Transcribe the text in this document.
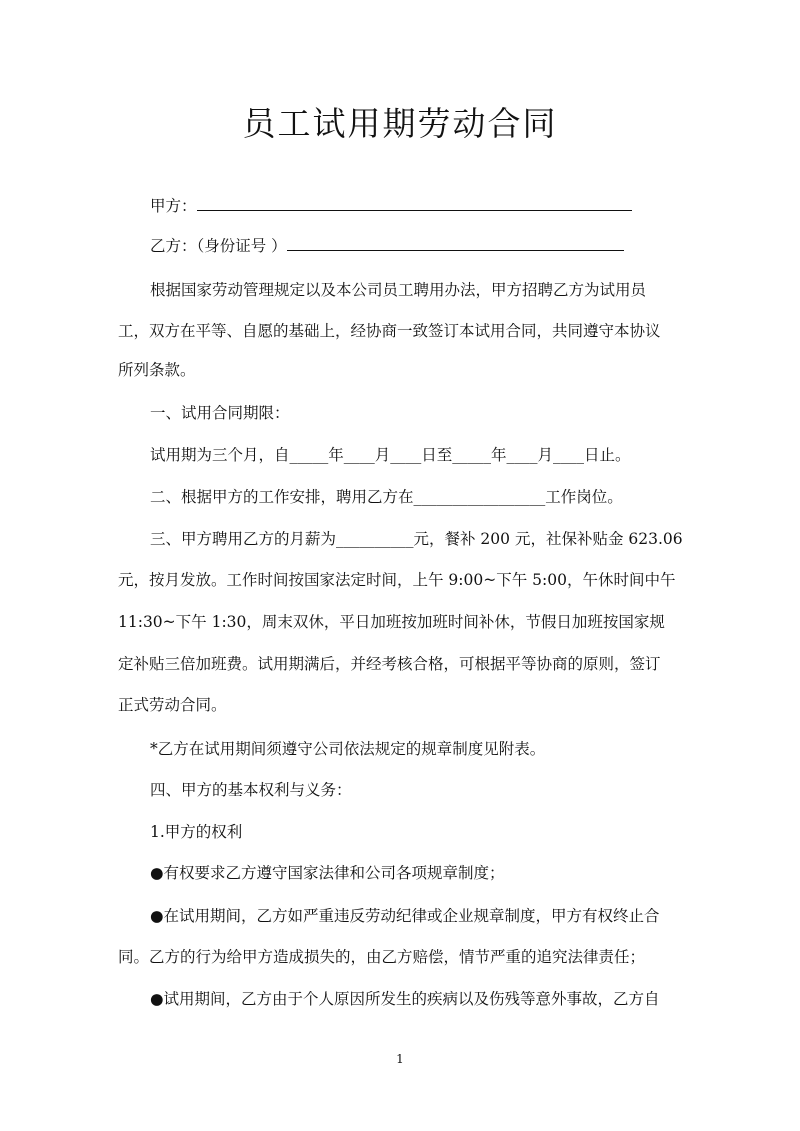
员工试用期劳动合同
甲方：
乙方：（身份证号 ）
根据国家劳动管理规定以及本公司员工聘用办法，甲方招聘乙方为试用员
工，双方在平等、自愿的基础上，经协商一致签订本试用合同，共同遵守本协议
所列条款。
一、试用合同期限：
试用期为三个月，自_____年____月____日至_____年____月____日止。
二、根据甲方的工作安排，聘用乙方在_________________工作岗位。
三、甲方聘用乙方的月薪为__________元，餐补 200 元，社保补贴金 623.06
元，按月发放。工作时间按国家法定时间，上午 9:00~下午 5:00，午休时间中午
11:30~下午 1:30，周末双休，平日加班按加班时间补休，节假日加班按国家规
定补贴三倍加班费。试用期满后，并经考核合格，可根据平等协商的原则，签订
正式劳动合同。
*乙方在试用期间须遵守公司依法规定的规章制度见附表。
四、甲方的基本权利与义务：
1.甲方的权利
●有权要求乙方遵守国家法律和公司各项规章制度；
●在试用期间，乙方如严重违反劳动纪律或企业规章制度，甲方有权终止合
同。乙方的行为给甲方造成损失的，由乙方赔偿，情节严重的追究法律责任；
●试用期间，乙方由于个人原因所发生的疾病以及伤残等意外事故，乙方自
1
